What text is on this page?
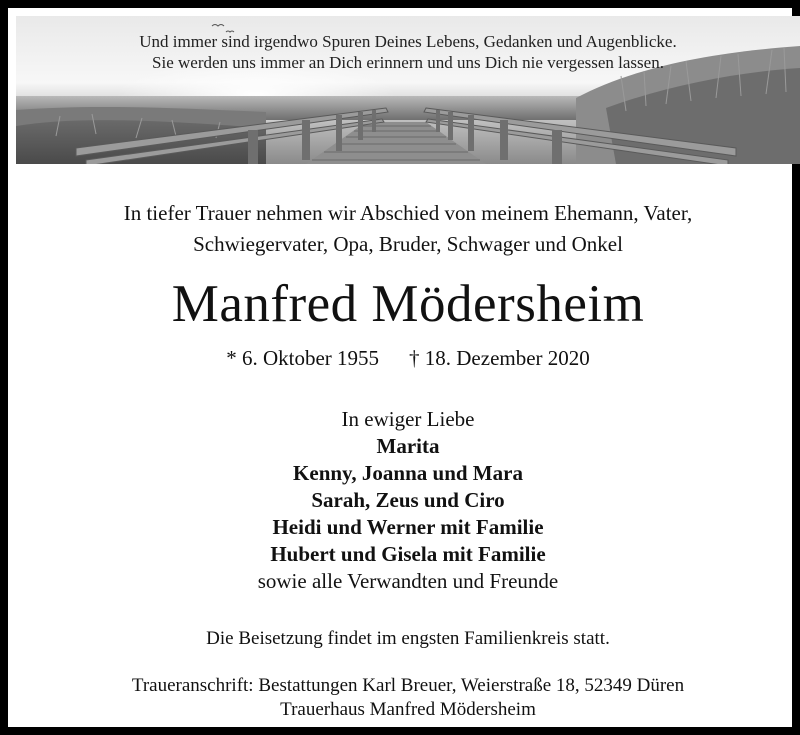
Und immer sind irgendwo Spuren Deines Lebens, Gedanken und Augenblicke.
Sie werden uns immer an Dich erinnern und uns Dich nie vergessen lassen.
In tiefer Trauer nehmen wir Abschied von meinem Ehemann, Vater,
Schwiegervater, Opa, Bruder, Schwager und Onkel
Manfred Mödersheim
* 6. Oktober 1955 † 18. Dezember 2020
In ewiger Liebe
Marita
Kenny, Joanna und Mara
Sarah, Zeus und Ciro
Heidi und Werner mit Familie
Hubert und Gisela mit Familie
sowie alle Verwandten und Freunde
Die Beisetzung findet im engsten Familienkreis statt.
Traueranschrift: Bestattungen Karl Breuer, Weierstraße 18, 52349 Düren
Trauerhaus Manfred Mödersheim
